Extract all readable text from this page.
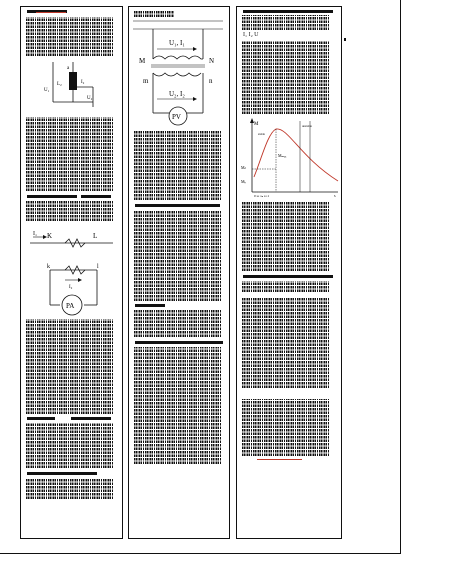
a
U₁
L₂	I₂
U₂
I₁ K	L
k	l
I₂
PA
U₁, I₁
M	N
m	n
U₂, I₂
PV
I₁ I₂ U
M
Mₙ
Mₘₐₓ
Mₖ
stable
unstable
0 sₖ sₙ s=1	s
